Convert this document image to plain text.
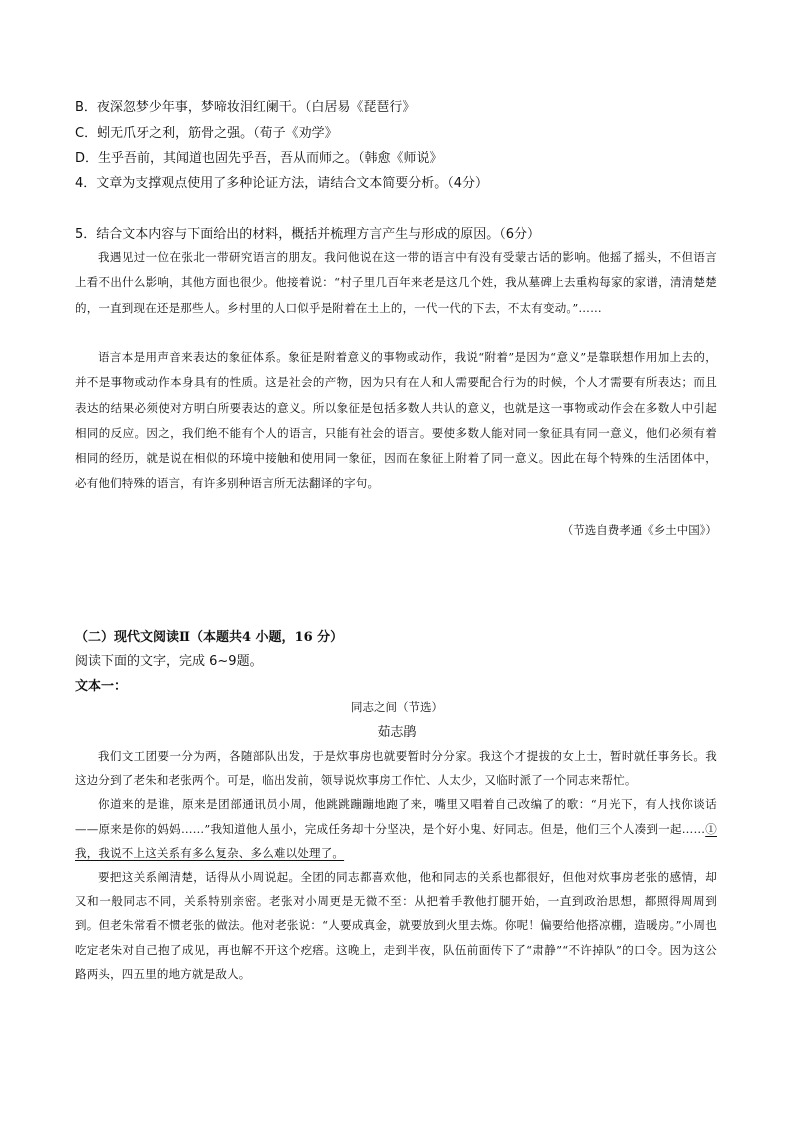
B．夜深忽梦少年事，梦啼妆泪红阑干。（白居易《琵琶行》
C．蚓无爪牙之利，筋骨之强。（荀子《劝学》
D．生乎吾前，其闻道也固先乎吾，吾从而师之。（韩愈《师说》
4．文章为支撑观点使用了多种论证方法，请结合文本简要分析。（4分）
5．结合文本内容与下面给出的材料，概括并梳理方言产生与形成的原因。（6分）

我遇见过一位在张北一带研究语言的朋友。我问他说在这一带的语言中有没有受蒙古话的影响。他摇了摇头，不但语言上看不出什么影响，其他方面也很少。他接着说：“村子里几百年来老是这几个姓，我从墓碑上去重构每家的家谱，清清楚楚的，一直到现在还是那些人。乡村里的人口似乎是附着在土上的，一代一代的下去，不太有变动。”……

语言本是用声音来表达的象征体系。象征是附着意义的事物或动作，我说“附着”是因为“意义”是靠联想作用加上去的，并不是事物或动作本身具有的性质。这是社会的产物，因为只有在人和人需要配合行为的时候，个人才需要有所表达；而且表达的结果必须使对方明白所要表达的意义。所以象征是包括多数人共认的意义，也就是这一事物或动作会在多数人中引起相同的反应。因之，我们绝不能有个人的语言，只能有社会的语言。要使多数人能对同一象征具有同一意义，他们必须有着相同的经历，就是说在相似的环境中接触和使用同一象征，因而在象征上附着了同一意义。因此在每个特殊的生活团体中，必有他们特殊的语言，有许多别种语言所无法翻译的字句。

（节选自费孝通《乡土中国》）
（二）现代文阅读Ⅱ（本题共4 小题，16 分）
阅读下面的文字，完成 6~9题。
文本一：
同志之间（节选）
茹志鹃

我们文工团要一分为两，各随部队出发，于是炊事房也就要暂时分分家。我这个才提拔的女上士，暂时就任事务长。我这边分到了老朱和老张两个。可是，临出发前，领导说炊事房工作忙、人太少，又临时派了一个同志来帮忙。

你道来的是谁，原来是团部通讯员小周，他跳跳蹦蹦地跑了来，嘴里又唱着自己改编了的歌：“月光下，有人找你谈话——原来是你的妈妈……”我知道他人虽小，完成任务却十分坚决，是个好小鬼、好同志。但是，他们三个人凑到一起……①我，我说不上这关系有多么复杂、多么难以处理了。

要把这关系阐清楚，话得从小周说起。全团的同志都喜欢他，他和同志的关系也都很好，但他对炊事房老张的感情，却又和一般同志不同，关系特别亲密。老张对小周更是无微不至：从把着手教他打腿开始，一直到政治思想，都照得周周到到。但老朱常看不惯老张的做法。他对老张说：“人要成真金，就要放到火里去炼。你呢！偏要给他搭凉棚，造暖房。”小周也吃定老朱对自己抱了成见，再也解不开这个疙瘩。这晚上，走到半夜，队伍前面传下了“肃静”“不许掉队”的口令。因为这公路两头，四五里的地方就是敌人。
